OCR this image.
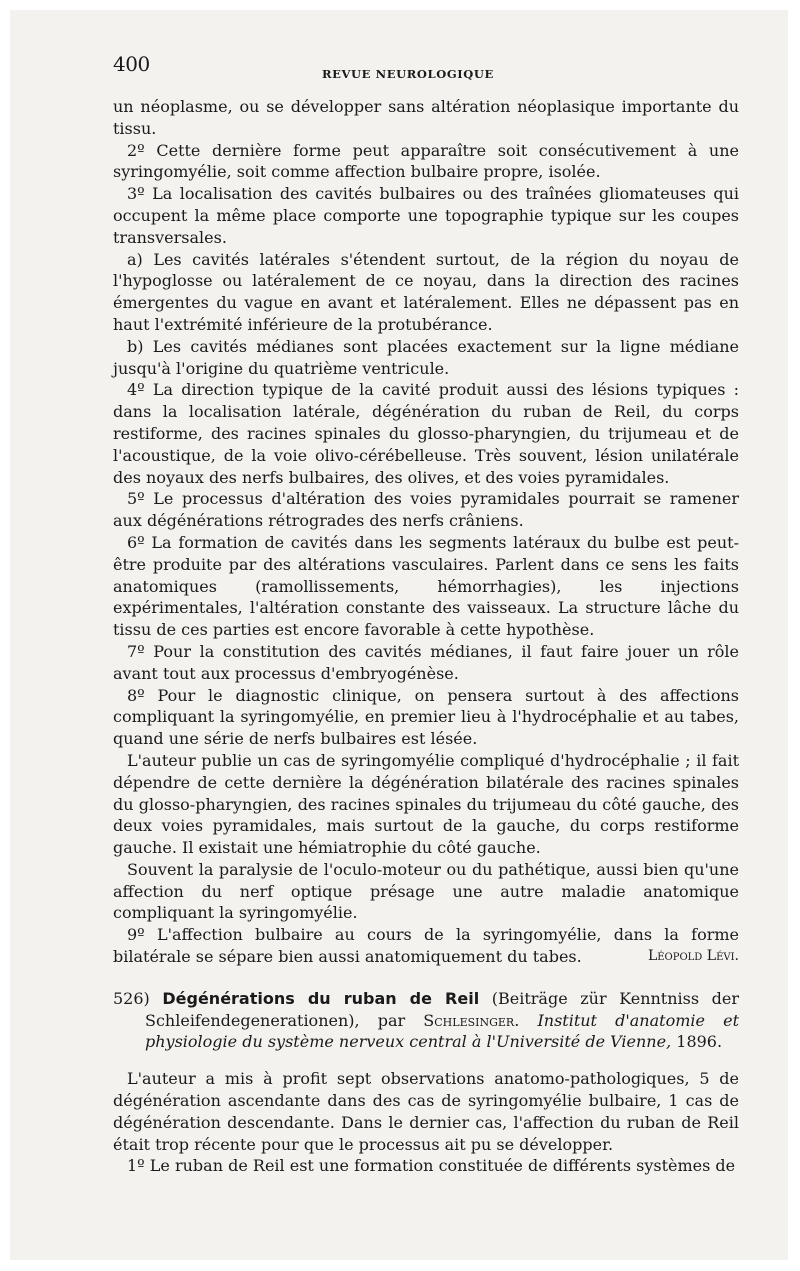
400	REVUE NEUROLOGIQUE

un néoplasme, ou se développer sans altération néoplasique importante du tissu.

2º Cette dernière forme peut apparaître soit consécutivement à une syringomyélie, soit comme affection bulbaire propre, isolée.

3º La localisation des cavités bulbaires ou des traînées gliomateuses qui occupent la même place comporte une topographie typique sur les coupes transversales.

a) Les cavités latérales s'étendent surtout, de la région du noyau de l'hypoglosse ou latéralement de ce noyau, dans la direction des racines émergentes du vague en avant et latéralement. Elles ne dépassent pas en haut l'extrémité inférieure de la protubérance.

b) Les cavités médianes sont placées exactement sur la ligne médiane jusqu'à l'origine du quatrième ventricule.

4º La direction typique de la cavité produit aussi des lésions typiques : dans la localisation latérale, dégénération du ruban de Reil, du corps restiforme, des racines spinales du glosso-pharyngien, du trijumeau et de l'acoustique, de la voie olivo-cérébelleuse. Très souvent, lésion unilatérale des noyaux des nerfs bulbaires, des olives, et des voies pyramidales.

5º Le processus d'altération des voies pyramidales pourrait se ramener aux dégénérations rétrogrades des nerfs crâniens.

6º La formation de cavités dans les segments latéraux du bulbe est peut-être produite par des altérations vasculaires. Parlent dans ce sens les faits anatomiques (ramollissements, hémorrhagies), les injections expérimentales, l'altération constante des vaisseaux. La structure lâche du tissu de ces parties est encore favorable à cette hypothèse.

7º Pour la constitution des cavités médianes, il faut faire jouer un rôle avant tout aux processus d'embryogénèse.

8º Pour le diagnostic clinique, on pensera surtout à des affections compliquant la syringomyélie, en premier lieu à l'hydrocéphalie et au tabes, quand une série de nerfs bulbaires est lésée.

L'auteur publie un cas de syringomyélie compliqué d'hydrocéphalie ; il fait dépendre de cette dernière la dégénération bilatérale des racines spinales du glosso-pharyngien, des racines spinales du trijumeau du côté gauche, des deux voies pyramidales, mais surtout de la gauche, du corps restiforme gauche. Il existait une hémiatrophie du côté gauche.

Souvent la paralysie de l'oculo-moteur ou du pathétique, aussi bien qu'une affection du nerf optique présage une autre maladie anatomique compliquant la syringomyélie.

9º L'affection bulbaire au cours de la syringomyélie, dans la forme bilatérale se sépare bien aussi anatomiquement du tabes.	Léopold Lévi.
526) Dégénérations du ruban de Reil (Beiträge zür Kenntniss der Schleifendegenerationen), par Schlesinger. Institut d'anatomie et physiologie du système nerveux central à l'Université de Vienne, 1896.

L'auteur a mis à profit sept observations anatomo-pathologiques, 5 de dégénération ascendante dans des cas de syringomyélie bulbaire, 1 cas de dégénération descendante. Dans le dernier cas, l'affection du ruban de Reil était trop récente pour que le processus ait pu se développer.

1º Le ruban de Reil est une formation constituée de différents systèmes de
